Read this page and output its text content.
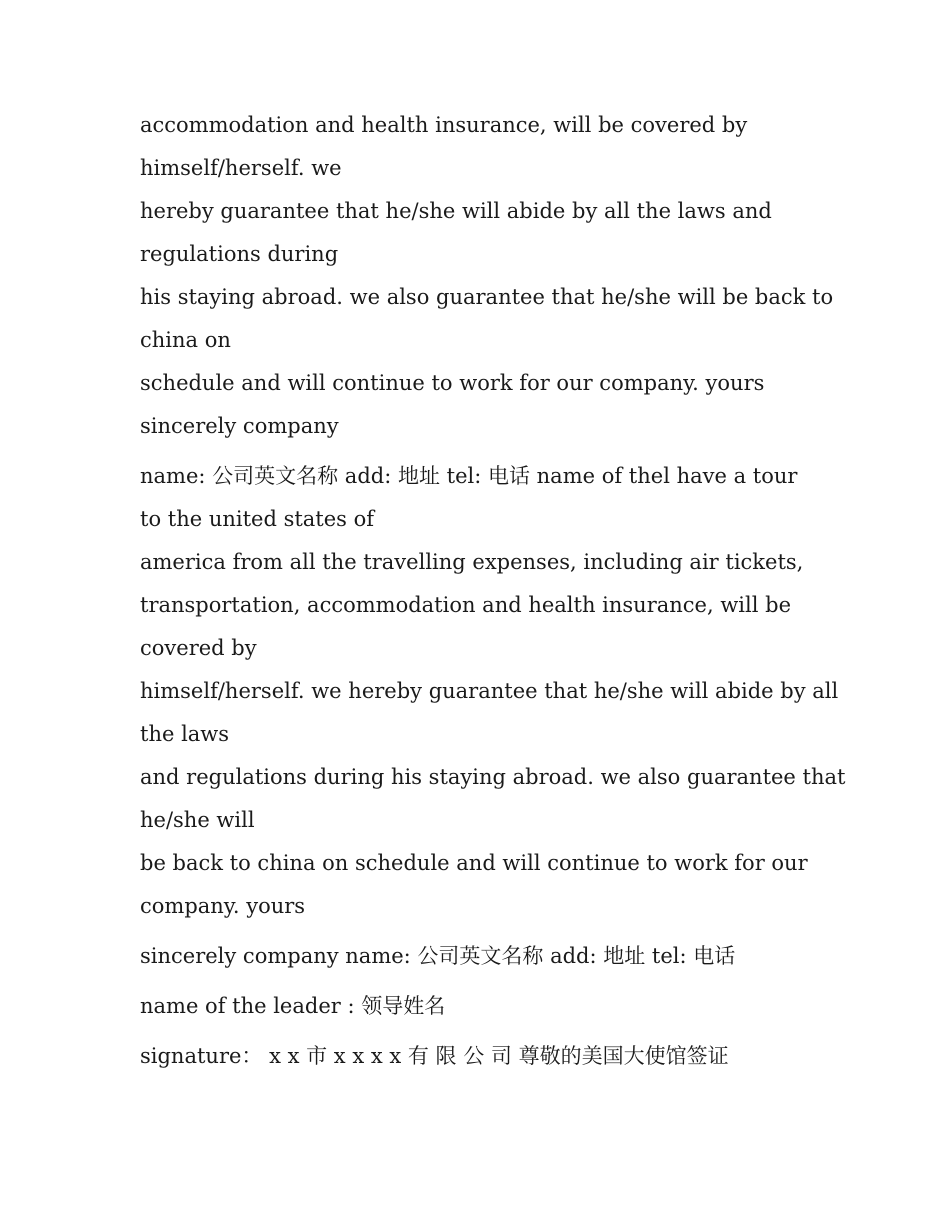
accommodation and health insurance, will be covered by
himself/herself. we
hereby guarantee that he/she will abide by all the laws and
regulations during
his staying abroad. we also guarantee that he/she will be back to
china on
schedule and will continue to work for our company. yours
sincerely company
name: 公司英文名称 add: 地址 tel: 电话 name of thel have a tour
to the united states of
america from all the travelling expenses, including air tickets,
transportation, accommodation and health insurance, will be
covered by
himself/herself. we hereby guarantee that he/she will abide by all
the laws
and regulations during his staying abroad. we also guarantee that
he/she will
be back to china on schedule and will continue to work for our
company. yours
sincerely company name: 公司英文名称 add: 地址 tel: 电话
name of the leader : 领导姓名
signature： x x 市 x x x x 有 限 公 司 尊敬的美国大使馆签证
